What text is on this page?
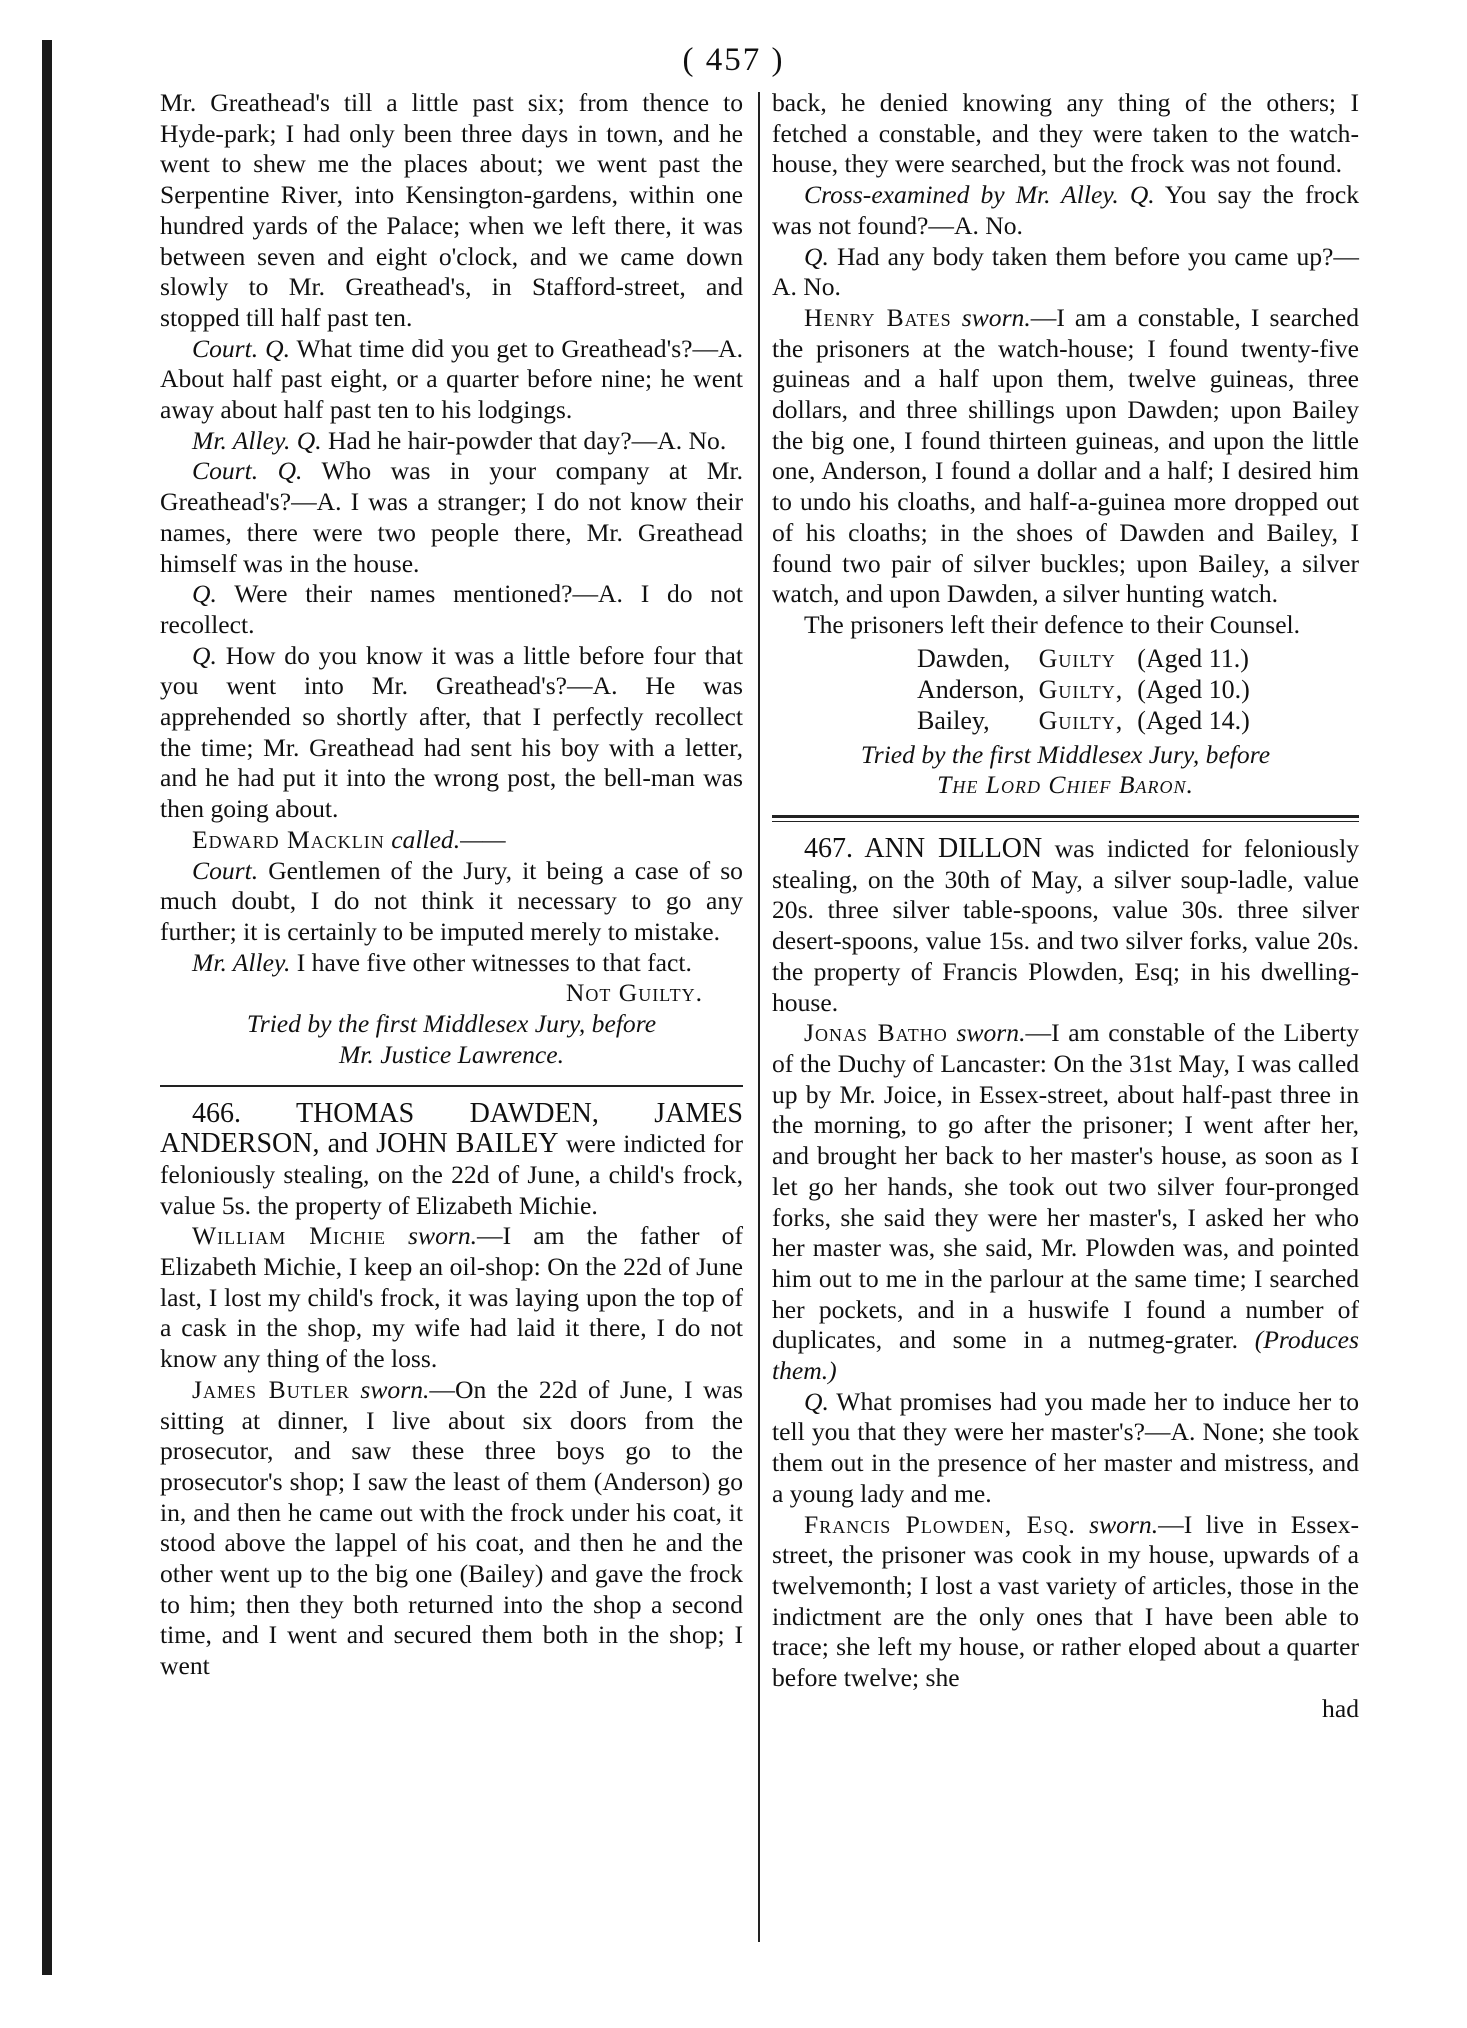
( 457 )

Mr. Greathead's till a little past six; from thence to Hyde-park; I had only been three days in town, and he went to shew me the places about; we went past the Serpentine River, into Kensington-gardens, within one hundred yards of the Palace; when we left there, it was between seven and eight o'clock, and we came down slowly to Mr. Greathead's, in Stafford-street, and stopped till half past ten.

Court. Q. What time did you get to Greathead's?—A. About half past eight, or a quarter before nine; he went away about half past ten to his lodgings.

Mr. Alley. Q. Had he hair-powder that day?—A. No.

Court. Q. Who was in your company at Mr. Greathead's?—A. I was a stranger; I do not know their names, there were two people there, Mr. Greathead himself was in the house.

Q. Were their names mentioned?—A. I do not recollect.

Q. How do you know it was a little before four that you went into Mr. Greathead's?—A. He was apprehended so shortly after, that I perfectly recollect the time; Mr. Greathead had sent his boy with a letter, and he had put it into the wrong post, the bell-man was then going about.

Edward Macklin called.——

Court. Gentlemen of the Jury, it being a case of so much doubt, I do not think it necessary to go any further; it is certainly to be imputed merely to mistake.

Mr. Alley. I have five other witnesses to that fact.

Not Guilty.

Tried by the first Middlesex Jury, before

Mr. Justice Lawrence.

466. THOMAS DAWDEN, JAMES ANDERSON, and JOHN BAILEY were indicted for feloniously stealing, on the 22d of June, a child's frock, value 5s. the property of Elizabeth Michie.

William Michie sworn.—I am the father of Elizabeth Michie, I keep an oil-shop: On the 22d of June last, I lost my child's frock, it was laying upon the top of a cask in the shop, my wife had laid it there, I do not know any thing of the loss.

James Butler sworn.—On the 22d of June, I was sitting at dinner, I live about six doors from the prosecutor, and saw these three boys go to the prosecutor's shop; I saw the least of them (Anderson) go in, and then he came out with the frock under his coat, it stood above the lappel of his coat, and then he and the other went up to the big one (Bailey) and gave the frock to him; then they both returned into the shop a second time, and I went and secured them both in the shop; I went

back, he denied knowing any thing of the others; I fetched a constable, and they were taken to the watch-house, they were searched, but the frock was not found.

Cross-examined by Mr. Alley. Q. You say the frock was not found?—A. No.

Q. Had any body taken them before you came up?—A. No.

Henry Bates sworn.—I am a constable, I searched the prisoners at the watch-house; I found twenty-five guineas and a half upon them, twelve guineas, three dollars, and three shillings upon Dawden; upon Bailey the big one, I found thirteen guineas, and upon the little one, Anderson, I found a dollar and a half; I desired him to undo his cloaths, and half-a-guinea more dropped out of his cloaths; in the shoes of Dawden and Bailey, I found two pair of silver buckles; upon Bailey, a silver watch, and upon Dawden, a silver hunting watch.

The prisoners left their defence to their Counsel.

Dawden,	Guilty	(Aged 11.)
Anderson,	Guilty,	(Aged 10.)
Bailey,	Guilty,	(Aged 14.)

Tried by the first Middlesex Jury, before

The Lord Chief Baron.

467. ANN DILLON was indicted for feloniously stealing, on the 30th of May, a silver soup-ladle, value 20s. three silver table-spoons, value 30s. three silver desert-spoons, value 15s. and two silver forks, value 20s. the property of Francis Plowden, Esq; in his dwelling-house.

Jonas Batho sworn.—I am constable of the Liberty of the Duchy of Lancaster: On the 31st May, I was called up by Mr. Joice, in Essex-street, about half-past three in the morning, to go after the prisoner; I went after her, and brought her back to her master's house, as soon as I let go her hands, she took out two silver four-pronged forks, she said they were her master's, I asked her who her master was, she said, Mr. Plowden was, and pointed him out to me in the parlour at the same time; I searched her pockets, and in a huswife I found a number of duplicates, and some in a nutmeg-grater. (Produces them.)

Q. What promises had you made her to induce her to tell you that they were her master's?—A. None; she took them out in the presence of her master and mistress, and a young lady and me.

Francis Plowden, Esq. sworn.—I live in Essex-street, the prisoner was cook in my house, upwards of a twelvemonth; I lost a vast variety of articles, those in the indictment are the only ones that I have been able to trace; she left my house, or rather eloped about a quarter before twelve; she

had
